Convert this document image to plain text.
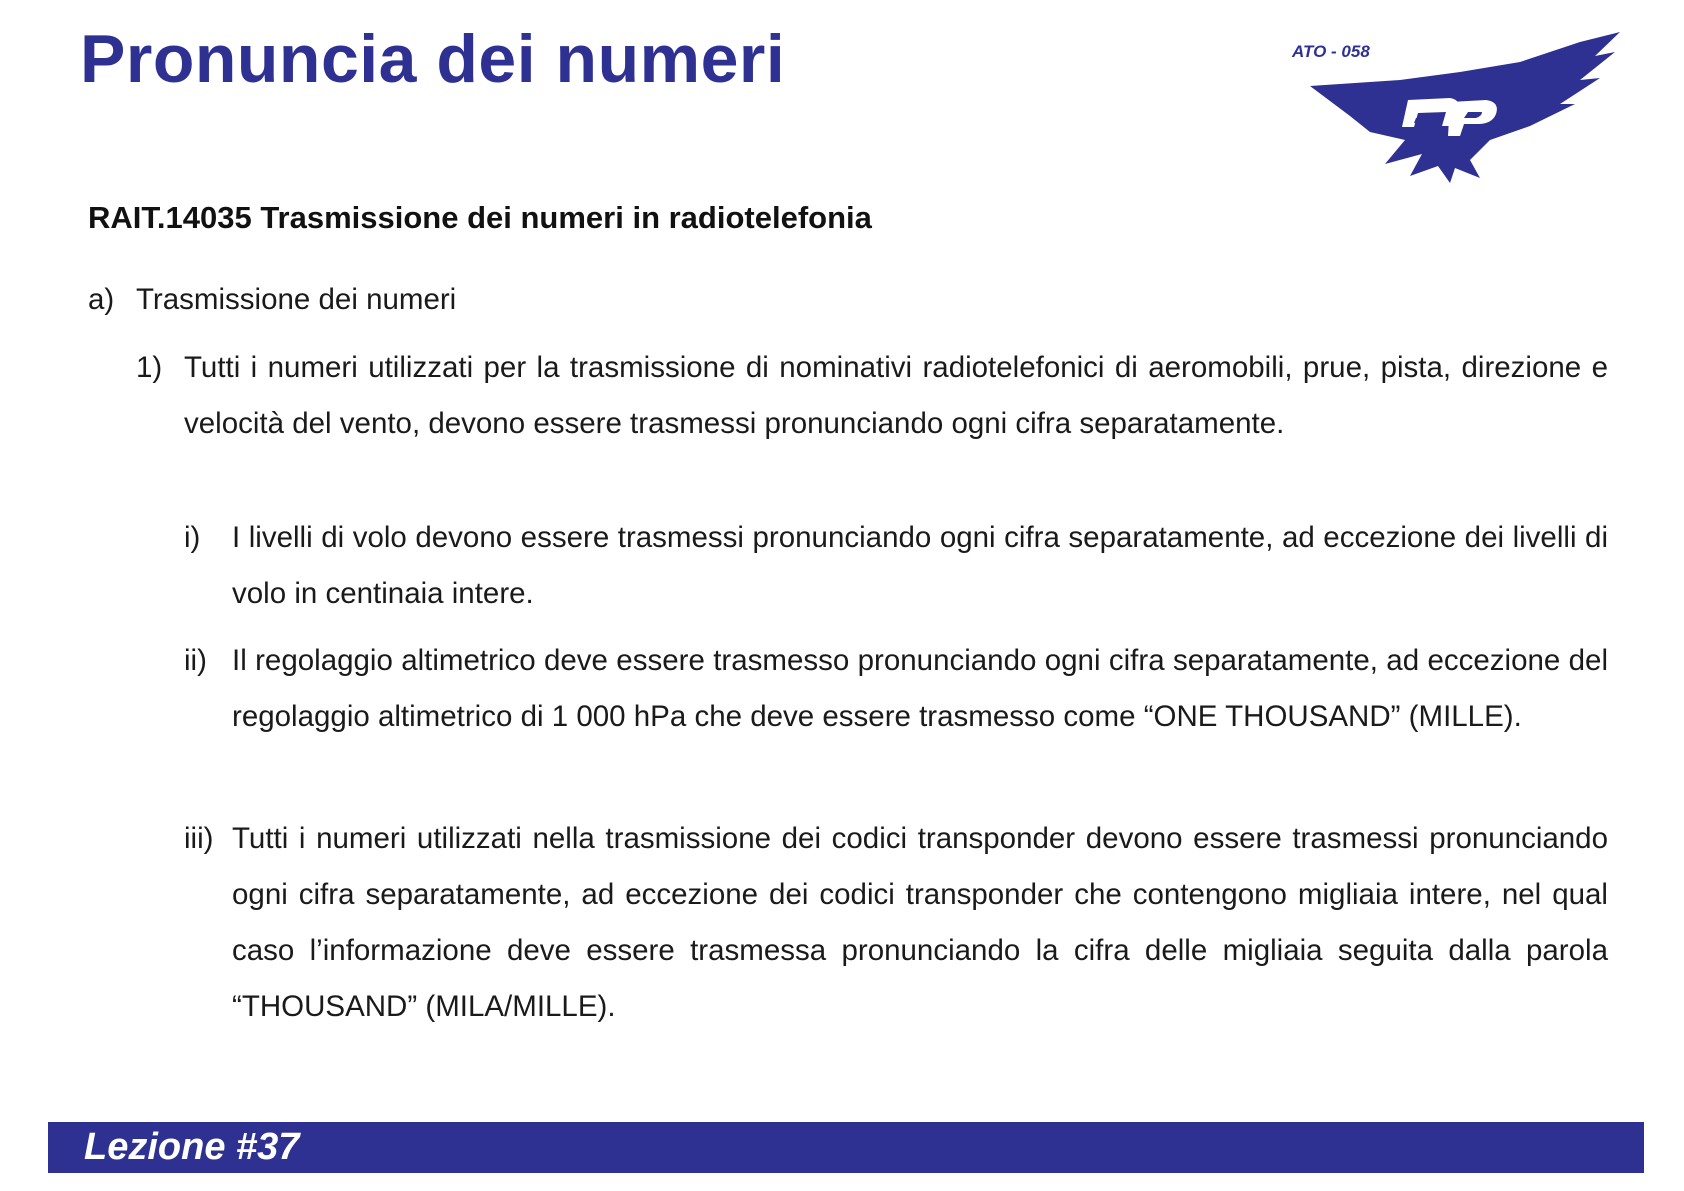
Pronuncia dei numeri	ATO - 058
RAIT.14035 Trasmissione dei numeri in radiotelefonia

a) Trasmissione dei numeri

1) Tutti i numeri utilizzati per la trasmissione di nominativi radiotelefonici di aeromobili, prue, pista, direzione e velocità del vento, devono essere trasmessi pronunciando ogni cifra separatamente.

i)	I livelli di volo devono essere trasmessi pronunciando ogni cifra separatamente, ad eccezione dei livelli di volo in centinaia intere.

ii) Il regolaggio altimetrico deve essere trasmesso pronunciando ogni cifra separatamente, ad eccezione del regolaggio altimetrico di 1 000 hPa che deve essere trasmesso come “ONE THOUSAND” (MILLE).

iii) Tutti i numeri utilizzati nella trasmissione dei codici transponder devono essere trasmessi pronunciando ogni cifra separatamente, ad eccezione dei codici transponder che contengono migliaia intere, nel qual caso l’informazione deve essere trasmessa pronunciando la cifra delle migliaia seguita dalla parola “THOUSAND” (MILA/MILLE).

Lezione #37
